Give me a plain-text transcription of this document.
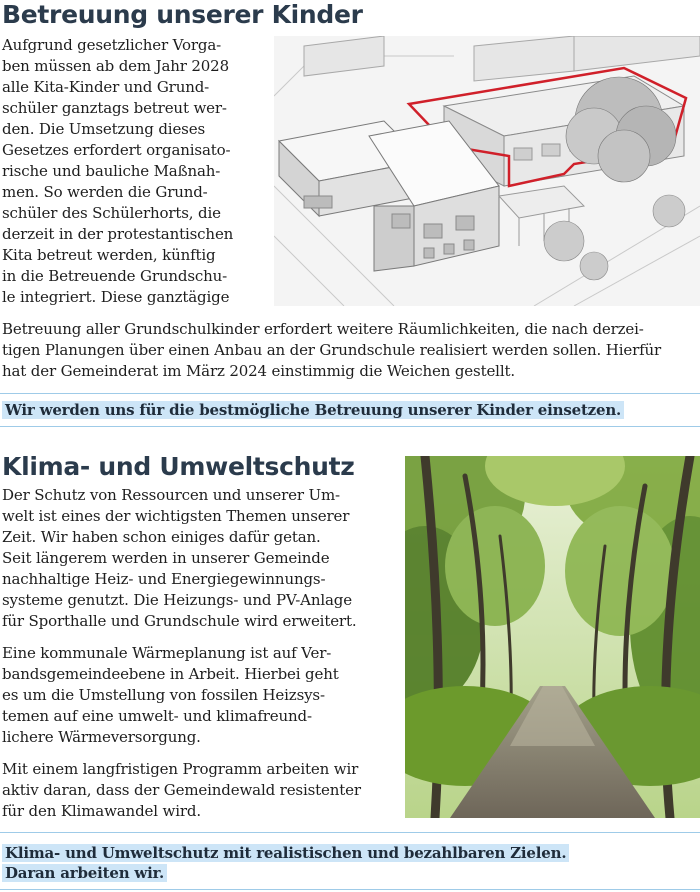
Betreuung unserer Kinder

Aufgrund gesetzlicher Vorga-

ben müssen ab dem Jahr 2028

alle Kita-Kinder und Grund-

schüler ganztags betreut wer-

den. Die Umsetzung dieses

Gesetzes erfordert organisato-

rische und bauliche Maßnah-

men. So werden die Grund-

schüler des Schülerhorts, die

derzeit in der protestantischen

Kita betreut werden, künftig

in die Betreuende Grundschu-

le integriert. Diese ganztägige

Betreuung aller Grundschulkinder erfordert weitere Räumlichkeiten, die nach derzei-

tigen Planungen über einen Anbau an der Grundschule realisiert werden sollen. Hierfür

hat der Gemeinderat im März 2024 einstimmig die Weichen gestellt.

Wir werden uns für die bestmögliche Betreuung unserer Kinder einsetzen.
Klima- und Umweltschutz

Der Schutz von Ressourcen und unserer Um-

welt ist eines der wichtigsten Themen unserer

Zeit. Wir haben schon einiges dafür getan.

Seit längerem werden in unserer Gemeinde

nachhaltige Heiz- und Energiegewinnungs-

systeme genutzt. Die Heizungs- und PV-Anlage

für Sporthalle und Grundschule wird erweitert.

Eine kommunale Wärmeplanung ist auf Ver-

bandsgemeindeebene in Arbeit. Hierbei geht

es um die Umstellung von fossilen Heizsys-

temen auf eine umwelt- und klimafreund-

lichere Wärmeversorgung.

Mit einem langfristigen Programm arbeiten wir

aktiv daran, dass der Gemeindewald resistenter

für den Klimawandel wird.

Klima- und Umweltschutz mit realistischen und bezahlbaren Zielen.
Daran arbeiten wir.
